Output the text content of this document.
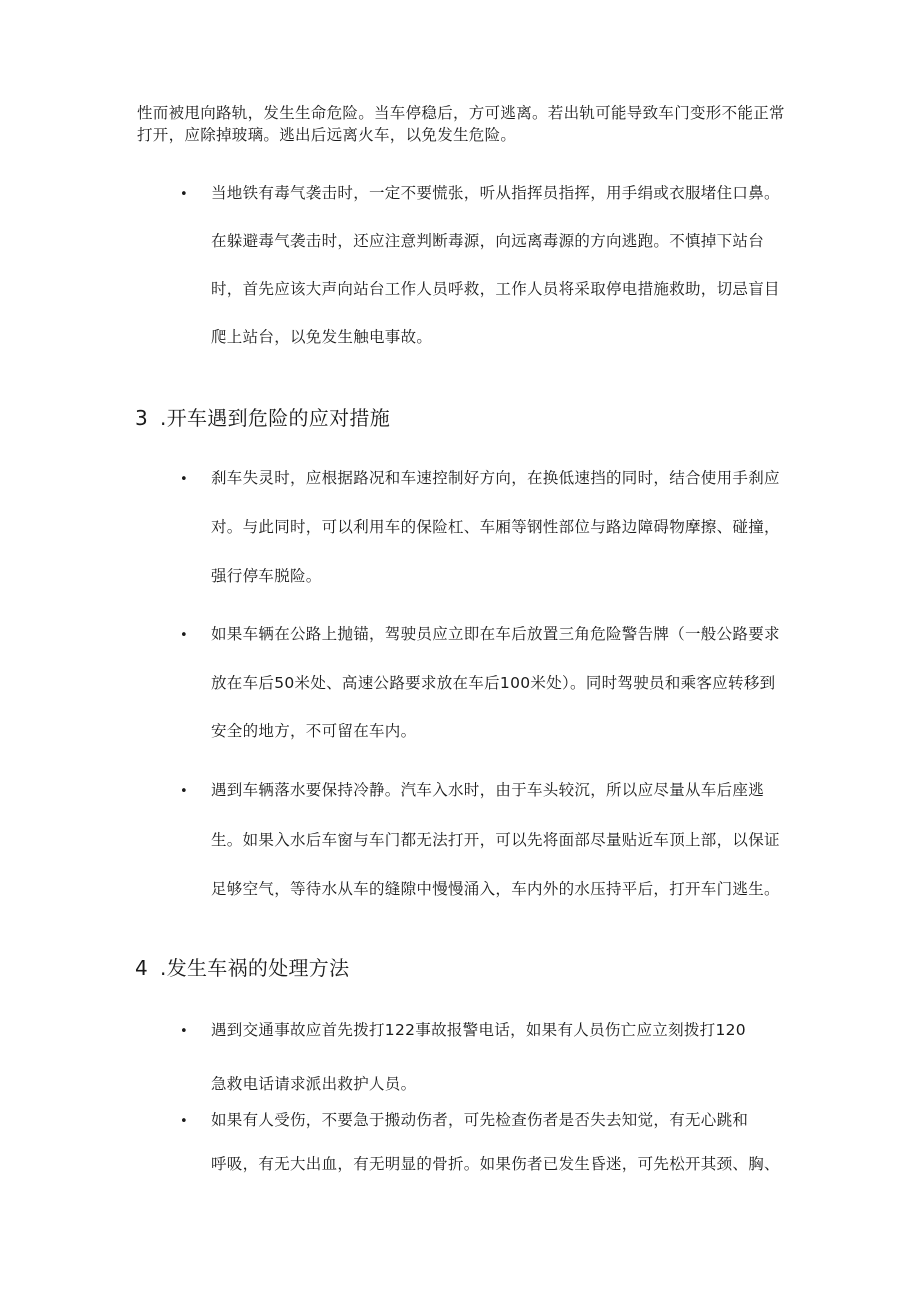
性而被甩向路轨，发生生命危险。当车停稳后，方可逃离。若出轨可能导致车门变形不能正常
打开，应除掉玻璃。逃出后远离火车，以免发生危险。
• 当地铁有毒气袭击时，一定不要慌张，听从指挥员指挥，用手绢或衣服堵住口鼻。
在躲避毒气袭击时，还应注意判断毒源，向远离毒源的方向逃跑。不慎掉下站台
时，首先应该大声向站台工作人员呼救，工作人员将采取停电措施救助，切忌盲目
爬上站台，以免发生触电事故。
3 .开车遇到危险的应对措施
• 刹车失灵时，应根据路况和车速控制好方向，在换低速挡的同时，结合使用手刹应
对。与此同时，可以利用车的保险杠、车厢等钢性部位与路边障碍物摩擦、碰撞，
强行停车脱险。
• 如果车辆在公路上抛锚，驾驶员应立即在车后放置三角危险警告牌（一般公路要求
放在车后50米处、高速公路要求放在车后100米处）。同时驾驶员和乘客应转移到
安全的地方，不可留在车内。
• 遇到车辆落水要保持冷静。汽车入水时，由于车头较沉，所以应尽量从车后座逃
生。如果入水后车窗与车门都无法打开，可以先将面部尽量贴近车顶上部，以保证
足够空气，等待水从车的缝隙中慢慢涌入，车内外的水压持平后，打开车门逃生。
4 .发生车祸的处理方法
• 遇到交通事故应首先拨打122事故报警电话，如果有人员伤亡应立刻拨打120
急救电话请求派出救护人员。
• 如果有人受伤，不要急于搬动伤者，可先检查伤者是否失去知觉，有无心跳和
呼吸，有无大出血，有无明显的骨折。如果伤者已发生昏迷，可先松开其颈、胸、
